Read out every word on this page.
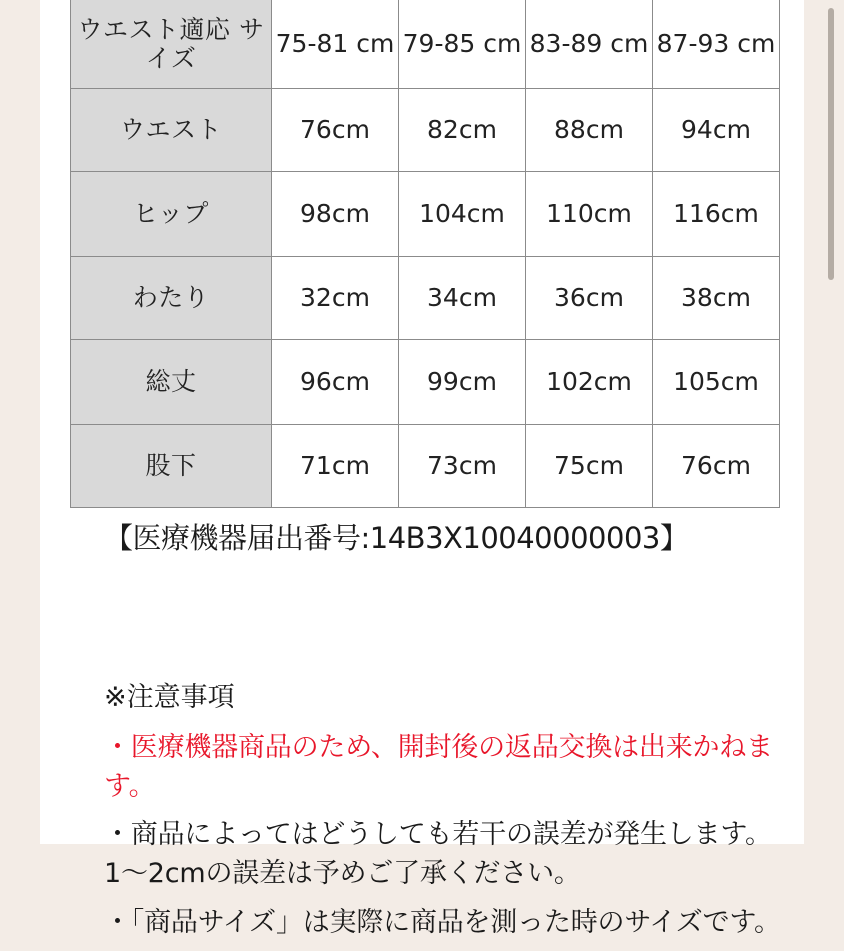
ウエスト適応 サイズ	75-81 cm	79-85 cm	83-89 cm	87-93 cm
ウエスト	76cm	82cm	88cm	94cm
ヒップ	98cm	104cm	110cm	116cm
わたり	32cm	34cm	36cm	38cm
総丈	96cm	99cm	102cm	105cm
股下	71cm	73cm	75cm	76cm
【医療機器届出番号:14B3X10040000003】
※注意事項
・医療機器商品のため、開封後の返品交換は出来かねます。
・商品によってはどうしても若干の誤差が発生します。1〜2cmの誤差は予めご了承ください。
・「商品サイズ」は実際に商品を測った時のサイズです。
